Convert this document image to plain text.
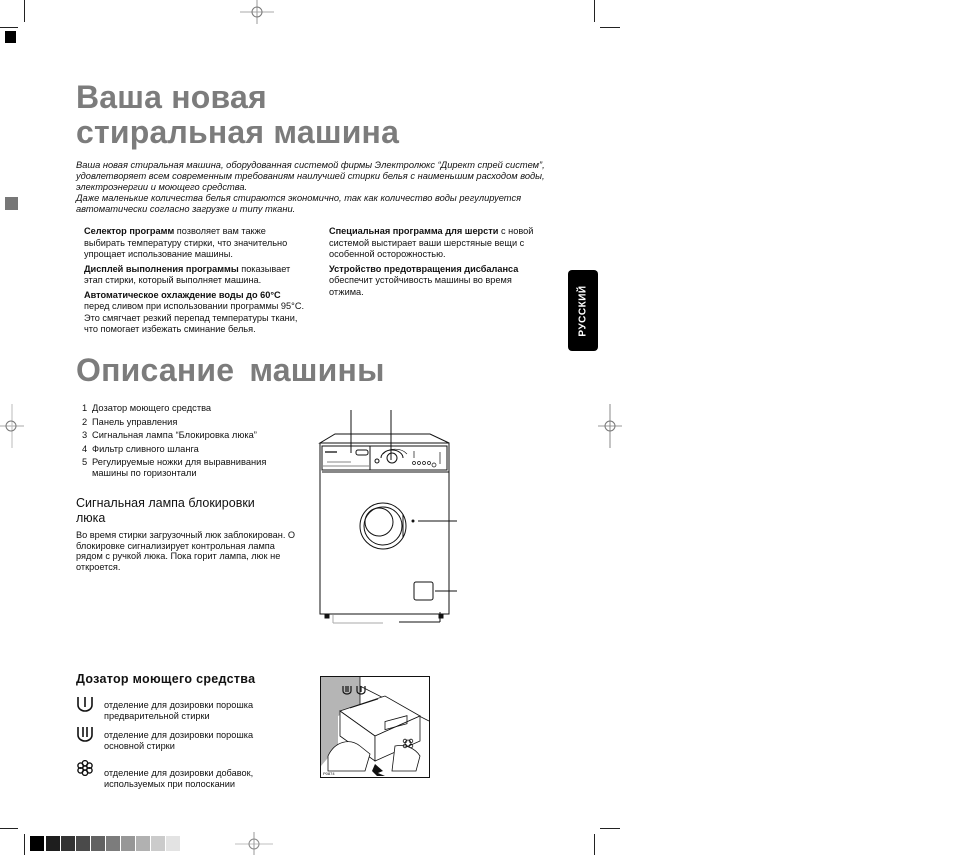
Ваша новая стиральная машина

Ваша новая стиральная машина, оборудованная системой фирмы Электролюкс “Директ спрей систем”, удовлетворяет всем современным требованиям наилучшей стирки белья с наименьшим расходом воды, электроэнергии и моющего средства.

Даже маленькие количества белья стираются экономично, так как количество воды регулируется автоматически согласно загрузке и типу ткани.

Селектор программ позволяет вам также выбирать температуру стирки, что значительно упрощает использование машины.

Дисплей выполнения программы показывает этап стирки, который выполняет машина.

Автоматическое охлаждение воды до 60°C перед сливом при использовании программы 95°C. Это смягчает резкий перепад температуры ткани, что помогает избежать сминание белья.

Специальная программа для шерсти с новой системой выстирает ваши шерстяные вещи с особенной осторожностью.

Устройство предотвращения дисбаланса обеспечит устойчивость машины во время отжима.	РУССКИЙ
Описание машины
1 Дозатор моющего средства
2 Панель управления
3 Сигнальная лампа “Блокировка люка”
4 Фильтр сливного шланга
5 Регулируемые ножки для выравнивания машины по горизонтали
Сигнальная лампа блокировки люка
Во время стирки загрузочный люк заблокирован. О блокировке сигнализирует контрольная лампа рядом с ручкой люка. Пока горит лампа, люк не откроется.
Дозатор моющего средства
отделение для дозировки порошка предварительной стирки
отделение для дозировки порошка основной стирки
отделение для дозировки добавок, используемых при полоскании
P0874
